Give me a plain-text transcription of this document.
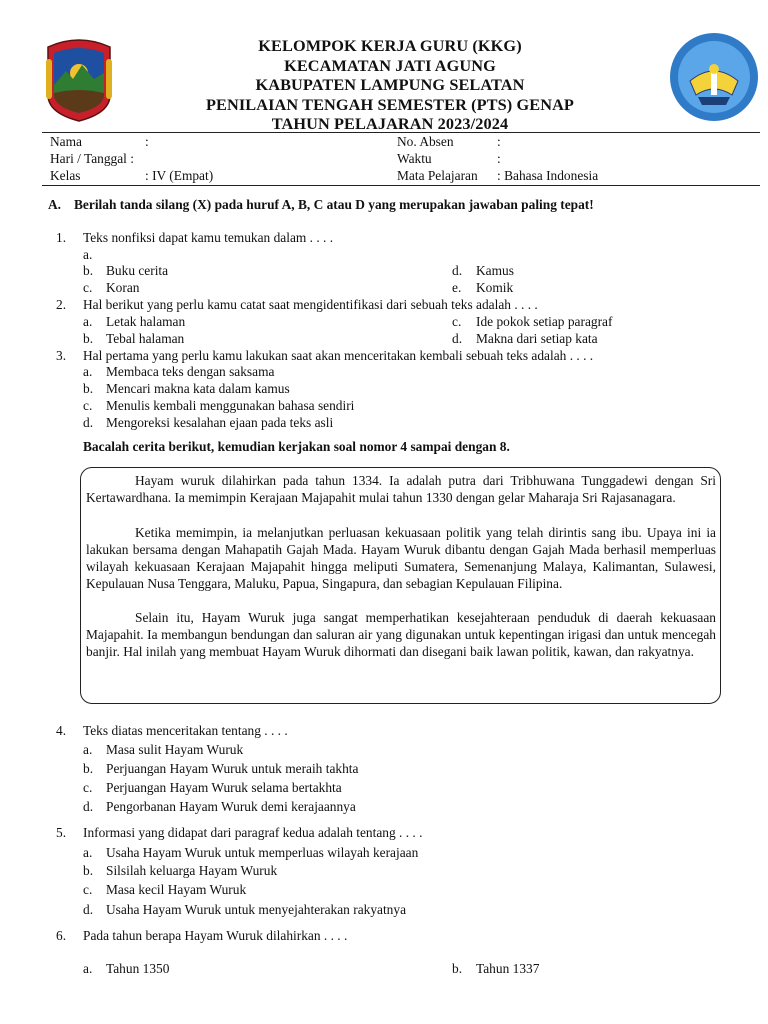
KELOMPOK KERJA GURU (KKG)
KECAMATAN JATI AGUNG
KABUPATEN LAMPUNG SELATAN
PENILAIAN TENGAH SEMESTER (PTS) GENAP
TAHUN PELAJARAN 2023/2024
Nama	:
Hari / Tanggal :
Kelas	: IV (Empat)
No. Absen	:
Waktu	:
Mata Pelajaran : Bahasa Indonesia
A. Berilah tanda silang (X) pada huruf A, B, C atau D yang merupakan jawaban paling tepat!
1. Teks nonfiksi dapat kamu temukan dalam . . . .
a.
b. Buku cerita
c. Koran
d. Kamus
e. Komik
2. Hal berikut yang perlu kamu catat saat mengidentifikasi dari sebuah teks adalah . . . .
a. Letak halaman
b. Tebal halaman
c. Ide pokok setiap paragraf
d. Makna dari setiap kata
3. Hal pertama yang perlu kamu lakukan saat akan menceritakan kembali sebuah teks adalah . . . .
a. Membaca teks dengan saksama
b. Mencari makna kata dalam kamus
c. Menulis kembali menggunakan bahasa sendiri
d. Mengoreksi kesalahan ejaan pada teks asli
Bacalah cerita berikut, kemudian kerjakan soal nomor 4 sampai dengan 8.

Hayam wuruk dilahirkan pada tahun 1334. Ia adalah putra dari Tribhuwana Tunggadewi dengan Sri Kertawardhana. Ia memimpin Kerajaan Majapahit mulai tahun 1330 dengan gelar Maharaja Sri Rajasanagara.

Ketika memimpin, ia melanjutkan perluasan kekuasaan politik yang telah dirintis sang ibu. Upaya ini ia lakukan bersama dengan Mahapatih Gajah Mada. Hayam Wuruk dibantu dengan Gajah Mada berhasil memperluas wilayah kekuasaan Kerajaan Majapahit hingga meliputi Sumatera, Semenanjung Malaya, Kalimantan, Sulawesi, Kepulauan Nusa Tenggara, Maluku, Papua, Singapura, dan sebagian Kepulauan Filipina.

Selain itu, Hayam Wuruk juga sangat memperhatikan kesejahteraan penduduk di daerah kekuasaan Majapahit. Ia membangun bendungan dan saluran air yang digunakan untuk kepentingan irigasi dan untuk mencegah banjir. Hal inilah yang membuat Hayam Wuruk dihormati dan disegani baik lawan politik, kawan, dan rakyatnya.

4. Teks diatas menceritakan tentang . . . .
a. Masa sulit Hayam Wuruk
b. Perjuangan Hayam Wuruk untuk meraih takhta
c. Perjuangan Hayam Wuruk selama bertakhta
d. Pengorbanan Hayam Wuruk demi kerajaannya
5. Informasi yang didapat dari paragraf kedua adalah tentang . . . .
a. Usaha Hayam Wuruk untuk memperluas wilayah kerajaan
b. Silsilah keluarga Hayam Wuruk
c. Masa kecil Hayam Wuruk
d. Usaha Hayam Wuruk untuk menyejahterakan rakyatnya
6. Pada tahun berapa Hayam Wuruk dilahirkan . . . .
a. Tahun 1350	b. Tahun 1337
